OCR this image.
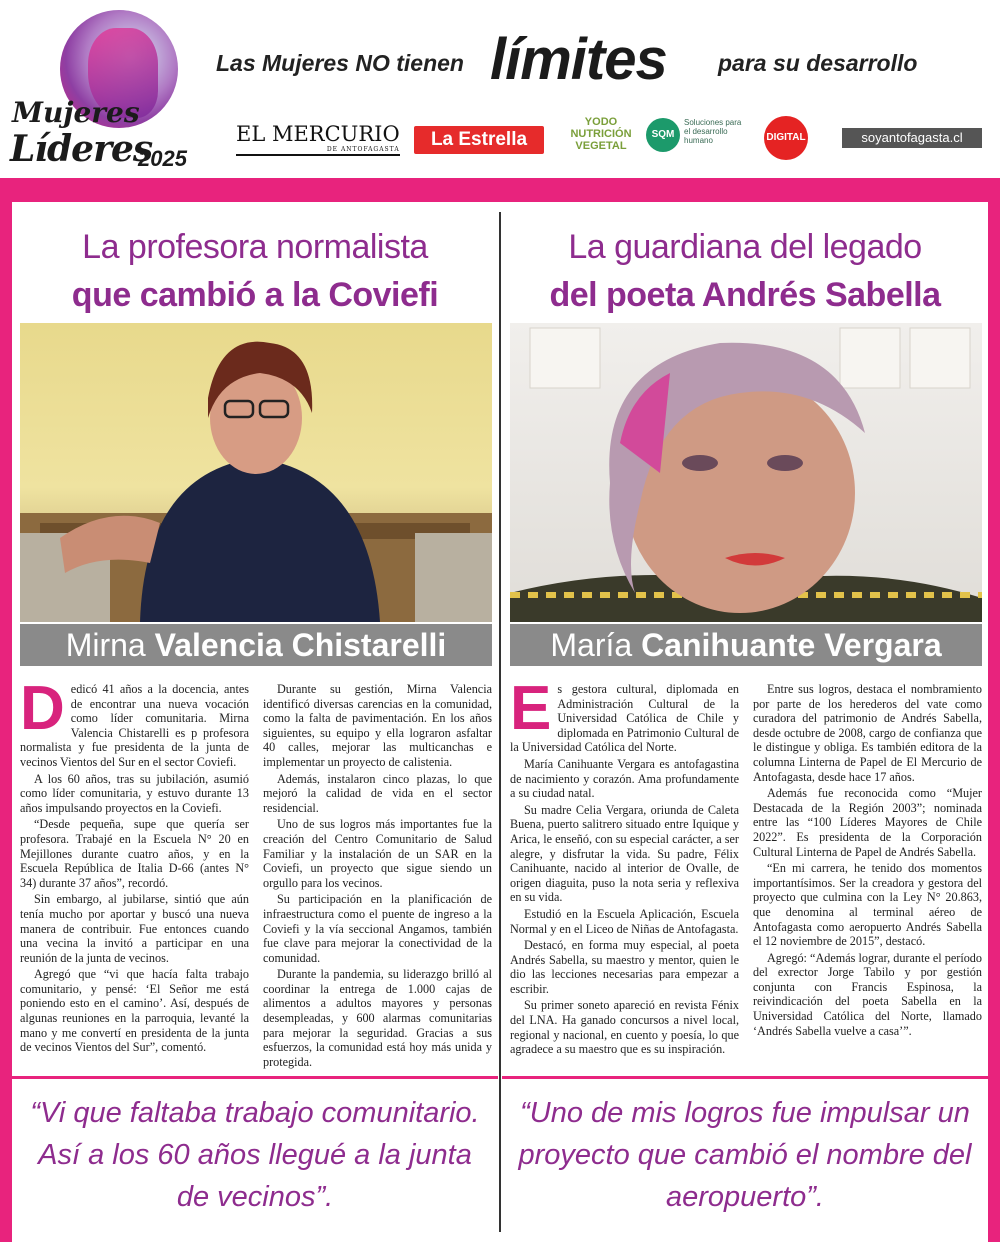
Mujeres
Líderes
2025
Las Mujeres NO tienen límites para su desarrollo
EL MERCURIO
DE ANTOFAGASTA	La Estrella
YODO NUTRICIÓN VEGETAL
SQM
Soluciones para el desarrollo humano	DIGITAL	soyantofagasta.cl
La profesora normalista
que cambió a la Coviefi
Mirna Valencia Chistarelli

Dedicó 41 años a la docencia, antes de encontrar una nueva vocación como líder comunitaria. Mirna Valencia Chistarelli es p profesora normalista y fue presidenta de la junta de vecinos Vientos del Sur en el sector Coviefi.

A los 60 años, tras su jubilación, asumió como líder comunitaria, y estuvo durante 13 años impulsando proyectos en la Coviefi.

“Desde pequeña, supe que quería ser profesora. Trabajé en la Escuela N° 20 en Mejillones durante cuatro años, y en la Escuela República de Italia D-66 (antes N° 34) durante 37 años”, recordó.

Sin embargo, al jubilarse, sintió que aún tenía mucho por aportar y buscó una nueva manera de contribuir. Fue entonces cuando una vecina la invitó a participar en una reunión de la junta de vecinos.

Agregó que “vi que hacía falta trabajo comunitario, y pensé: ‘El Señor me está poniendo esto en el camino’. Así, después de algunas reuniones en la parroquia, levanté la mano y me convertí en presidenta de la junta de vecinos Vientos del Sur”, comentó.

Durante su gestión, Mirna Valencia identificó diversas carencias en la comunidad, como la falta de pavimentación. En los años siguientes, su equipo y ella lograron asfaltar 40 calles, mejorar las multicanchas e implementar un proyecto de calistenia.

Además, instalaron cinco plazas, lo que mejoró la calidad de vida en el sector residencial.

Uno de sus logros más importantes fue la creación del Centro Comunitario de Salud Familiar y la instalación de un SAR en la Coviefi, un proyecto que sigue siendo un orgullo para los vecinos.

Su participación en la planificación de infraestructura como el puente de ingreso a la Coviefi y la vía seccional Angamos, también fue clave para mejorar la conectividad de la comunidad.

Durante la pandemia, su liderazgo brilló al coordinar la entrega de 1.000 cajas de alimentos a adultos mayores y personas desempleadas, y 600 alarmas comunitarias para mejorar la seguridad. Gracias a sus esfuerzos, la comunidad está hoy más unida y protegida.

“Vi que faltaba trabajo comunitario. Así a los 60 años llegué a la junta de vecinos”.
La guardiana del legado
del poeta Andrés Sabella
María Canihuante Vergara

Es gestora cultural, diplomada en Administración Cultural de la Universidad Católica de Chile y diplomada en Patrimonio Cultural de la Universidad Católica del Norte.

María Canihuante Vergara es antofagastina de nacimiento y corazón. Ama profundamente a su ciudad natal.

Su madre Celia Vergara, oriunda de Caleta Buena, puerto salitrero situado entre Iquique y Arica, le enseñó, con su especial carácter, a ser alegre, y disfrutar la vida. Su padre, Félix Canihuante, nacido al interior de Ovalle, de origen diaguita, puso la nota seria y reflexiva en su vida.

Estudió en la Escuela Aplicación, Escuela Normal y en el Liceo de Niñas de Antofagasta.

Destacó, en forma muy especial, al poeta Andrés Sabella, su maestro y mentor, quien le dio las lecciones necesarias para empezar a escribir.

Su primer soneto apareció en revista Fénix del LNA. Ha ganado concursos a nivel local, regional y nacional, en cuento y poesía, lo que agradece a su maestro que es su inspiración.

Entre sus logros, destaca el nombramiento por parte de los herederos del vate como curadora del patrimonio de Andrés Sabella, desde octubre de 2008, cargo de confianza que le distingue y obliga. Es también editora de la columna Linterna de Papel de El Mercurio de Antofagasta, desde hace 17 años.

Además fue reconocida como “Mujer Destacada de la Región 2003”; nominada entre las “100 Líderes Mayores de Chile 2022”. Es presidenta de la Corporación Cultural Linterna de Papel de Andrés Sabella.

“En mi carrera, he tenido dos momentos importantísimos. Ser la creadora y gestora del proyecto que culmina con la Ley N° 20.863, que denomina al terminal aéreo de Antofagasta como aeropuerto Andrés Sabella el 12 noviembre de 2015”, destacó.

Agregó: “Además lograr, durante el período del exrector Jorge Tabilo y por gestión conjunta con Francis Espinosa, la reivindicación del poeta Sabella en la Universidad Católica del Norte, llamado ‘Andrés Sabella vuelve a casa’”.

“Uno de mis logros fue impulsar un proyecto que cambió el nombre del aeropuerto”.
